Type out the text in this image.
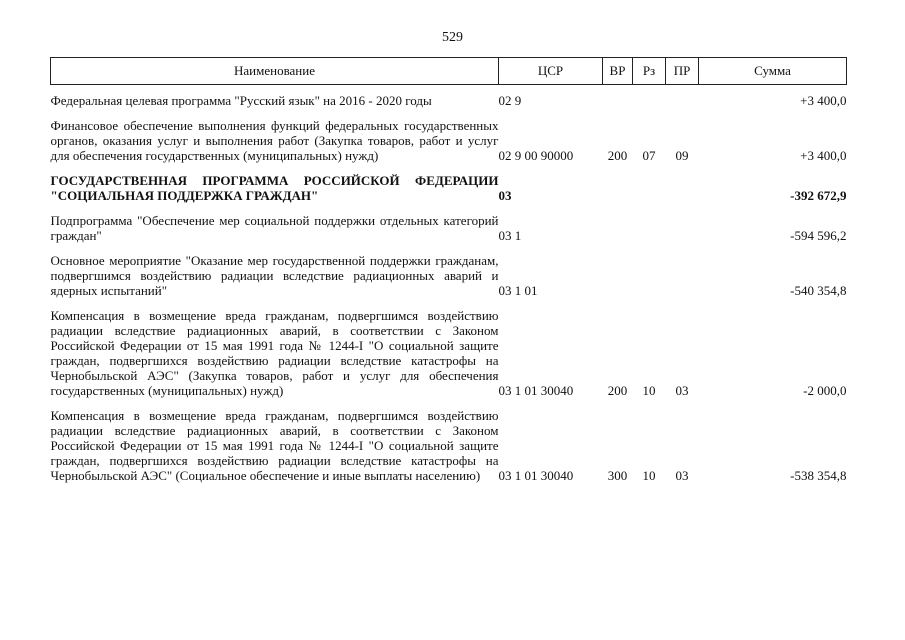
529
Наименование	ЦСР	ВР	Рз	ПР	Сумма
Федеральная целевая программа "Русский язык" на 2016 - 2020 годы	02 9				+3 400,0
Финансовое обеспечение выполнения функций федеральных государственных органов, оказания услуг и выполнения работ (Закупка товаров, работ и услуг для обеспечения государственных (муниципальных) нужд)	02 9 00 90000	200	07	09	+3 400,0
ГОСУДАРСТВЕННАЯ ПРОГРАММА РОССИЙСКОЙ ФЕДЕРАЦИИ "СОЦИАЛЬНАЯ ПОДДЕРЖКА ГРАЖДАН"	03				-392 672,9
Подпрограмма "Обеспечение мер социальной поддержки отдельных категорий граждан"	03 1				-594 596,2
Основное мероприятие "Оказание мер государственной поддержки гражданам, подвергшимся воздействию радиации вследствие радиационных аварий и ядерных испытаний"	03 1 01				-540 354,8
Компенсация в возмещение вреда гражданам, подвергшимся воздействию радиации вследствие радиационных аварий, в соответствии с Законом Российской Федерации от 15 мая 1991 года № 1244-I "О социальной защите граждан, подвергшихся воздействию радиации вследствие катастрофы на Чернобыльской АЭС" (Закупка товаров, работ и услуг для обеспечения государственных (муниципальных) нужд)	03 1 01 30040	200	10	03	-2 000,0
Компенсация в возмещение вреда гражданам, подвергшимся воздействию радиации вследствие радиационных аварий, в соответствии с Законом Российской Федерации от 15 мая 1991 года № 1244-I "О социальной защите граждан, подвергшихся воздействию радиации вследствие катастрофы на Чернобыльской АЭС" (Социальное обеспечение и иные выплаты населению)	03 1 01 30040	300	10	03	-538 354,8
